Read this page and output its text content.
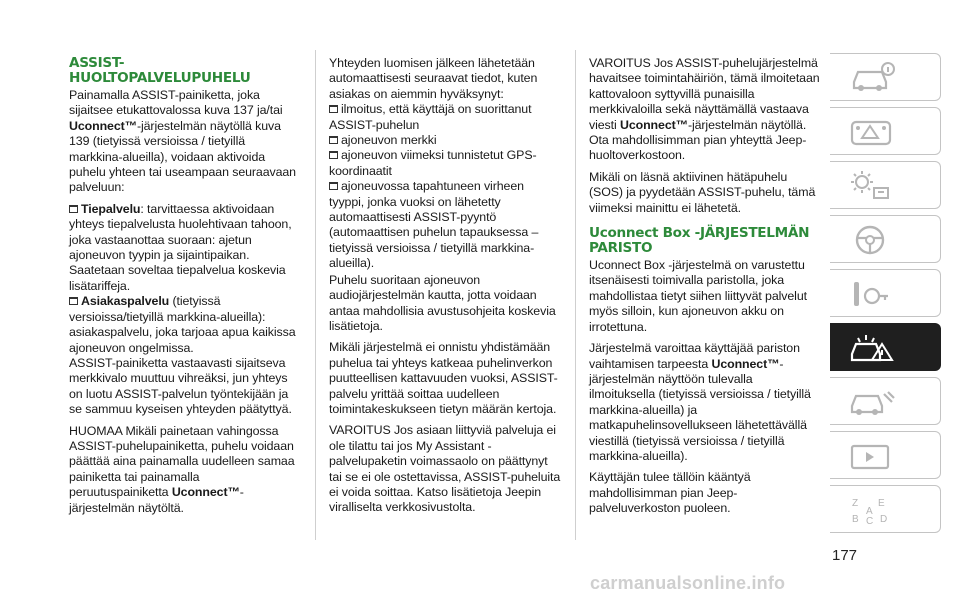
ASSIST-HUOLTOPALVELUPUHELU

Painamalla ASSIST-painiketta, joka sijaitsee etukattovalossa kuva 137 ja/tai Uconnect™-järjestelmän näytöllä kuva 139 (tietyissä versioissa / tietyillä markkina-alueilla), voidaan aktivoida puhelu yhteen tai useampaan seuraavaan palveluun:

Tiepalvelu: tarvittaessa aktivoidaan yhteys tiepalvelusta huolehtivaan tahoon, joka vastaanottaa suoraan: ajetun ajoneuvon tyypin ja sijaintipaikan. Saatetaan soveltaa tiepalvelua koskevia lisätariffeja.

Asiakaspalvelu (tietyissä versioissa/tietyillä markkina-alueilla): asiakaspalvelu, joka tarjoaa apua kaikissa ajoneuvon ongelmissa.

ASSIST-painiketta vastaavasti sijaitseva merkkivalo muuttuu vihreäksi, jun yhteys on luotu ASSIST-palvelun työntekijään ja se sammuu kyseisen yhteyden päätyttyä.

HUOMAA Mikäli painetaan vahingossa ASSIST-puhelupainiketta, puhelu voidaan päättää aina painamalla uudelleen samaa painiketta tai painamalla peruutuspainiketta Uconnect™-järjestelmän näytöltä.

Yhteyden luomisen jälkeen lähetetään automaattisesti seuraavat tiedot, kuten asiakas on aiemmin hyväksynyt:

ilmoitus, että käyttäjä on suorittanut ASSIST-puhelun
ajoneuvon merkki
ajoneuvon viimeksi tunnistetut GPS-koordinaatit
ajoneuvossa tapahtuneen virheen tyyppi, jonka vuoksi on lähetetty automaattisesti ASSIST-pyyntö (automaattisen puhelun tapauksessa – tietyissä versioissa / tietyillä markkina-alueilla).

Puhelu suoritaan ajoneuvon audiojärjestelmän kautta, jotta voidaan antaa mahdollisia avustusohjeita koskevia lisätietoja.

Mikäli järjestelmä ei onnistu yhdistämään puhelua tai yhteys katkeaa puhelinverkon puutteellisen kattavuuden vuoksi, ASSIST-palvelu yrittää soittaa uudelleen toimintakeskukseen tietyn määrän kertoja.

VAROITUS Jos asiaan liittyviä palveluja ei ole tilattu tai jos My Assistant -palvelupaketin voimassaolo on päättynyt tai se ei ole ostettavissa, ASSIST-puheluita ei voida soittaa. Katso lisätietoja Jeepin viralliselta verkkosivustolta.

VAROITUS Jos ASSIST-puhelujärjestelmä havaitsee toimintahäiriön, tämä ilmoitetaan kattovaloon syttyvillä punaisilla merkkivaloilla sekä näyttämällä vastaava viesti Uconnect™-järjestelmän näytöllä. Ota mahdollisimman pian yhteyttä Jeep-huoltoverkostoon.

Mikäli on läsnä aktiivinen hätäpuhelu (SOS) ja pyydetään ASSIST-puhelu, tämä viimeksi mainittu ei lähetetä.

Uconnect Box -JÄRJESTELMÄN PARISTO

Uconnect Box -järjestelmä on varustettu itsenäisesti toimivalla paristolla, joka mahdollistaa tietyt siihen liittyvät palvelut myös silloin, kun ajoneuvon akku on irrotettuna.

Järjestelmä varoittaa käyttäjää pariston vaihtamisen tarpeesta Uconnect™-järjestelmän näyttöön tulevalla ilmoituksella (tietyissä versioissa / tietyillä markkina-alueilla) ja matkapuhelinsovellukseen lähetettävällä viestillä (tietyissä versioissa / tietyillä markkina-alueilla).

Käyttäjän tulee tällöin kääntyä mahdollisimman pian Jeep-palveluverkoston puoleen.	Z E
A
B C D
177
carmanualsonline.info
